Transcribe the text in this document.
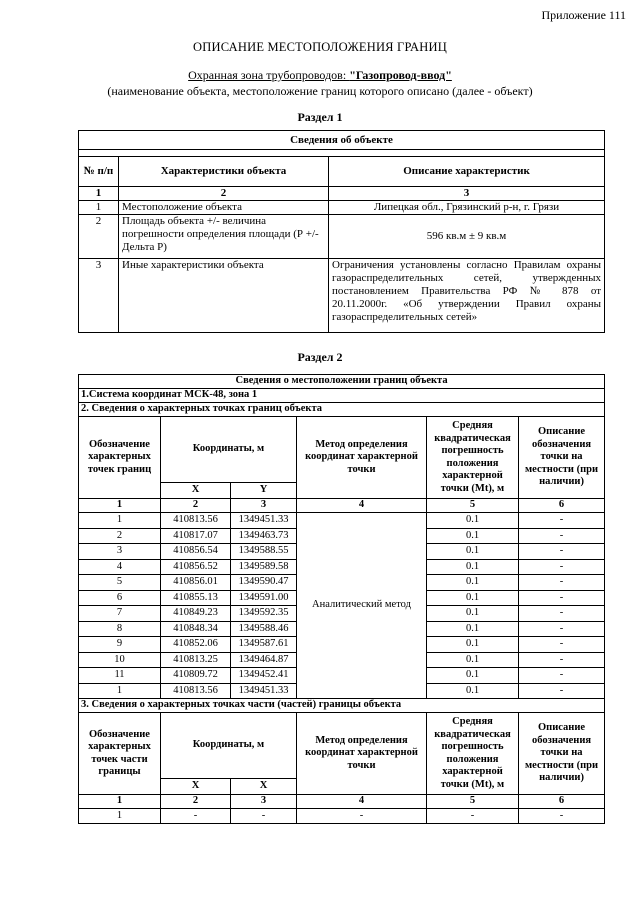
Приложение 111
ОПИСАНИЕ МЕСТОПОЛОЖЕНИЯ ГРАНИЦ
Охранная зона трубопроводов: "Газопровод-ввод"
(наименование объекта, местоположение границ которого описано (далее - объект)
Раздел 1
Сведения об объекте		

№ п/п	Характеристики объекта	Описание характеристик
1	2	3
1	Местоположение объекта	Липецкая обл., Грязинский р-н, г. Грязи
2	Площадь объекта +/- величина погрешности определения площади (Р +/- Дельта Р)	596 кв.м ± 9 кв.м
3	Иные характеристики объекта	Ограничения установлены согласно Правилам охраны газораспределительных сетей, утвержденных постановлением Правительства РФ № 878 от 20.11.2000г. «Об утверждении Правил охраны газораспределительных сетей»
Раздел 2
Сведения о местоположении границ объекта					
1.Система координат МСК-48, зона 1					
2. Сведения о характерных точках границ объекта					
Обозначение характерных точек границ	Координаты, м		Метод определения координат характерной точки	Средняя квадратическая погрешность положения характерной точки (Mt), м	Описание обозначения точки на местности (при наличии)
	X	Y			
1	2	3	4	5	6
1	410813.56	1349451.33	Аналитический метод	0.1	-
2	410817.07	1349463.73		0.1	-
3	410856.54	1349588.55		0.1	-
4	410856.52	1349589.58		0.1	-
5	410856.01	1349590.47		0.1	-
6	410855.13	1349591.00		0.1	-
7	410849.23	1349592.35		0.1	-
8	410848.34	1349588.46		0.1	-
9	410852.06	1349587.61		0.1	-
10	410813.25	1349464.87		0.1	-
11	410809.72	1349452.41		0.1	-
1	410813.56	1349451.33		0.1	-
3. Сведения о характерных точках части (частей) границы объекта					
Обозначение характерных точек части границы	Координаты, м		Метод определения координат характерной точки	Средняя квадратическая погрешность положения характерной точки (Mt), м	Описание обозначения точки на местности (при наличии)
	X	X			
1	2	3	4	5	6
1	-	-	-	-	-
